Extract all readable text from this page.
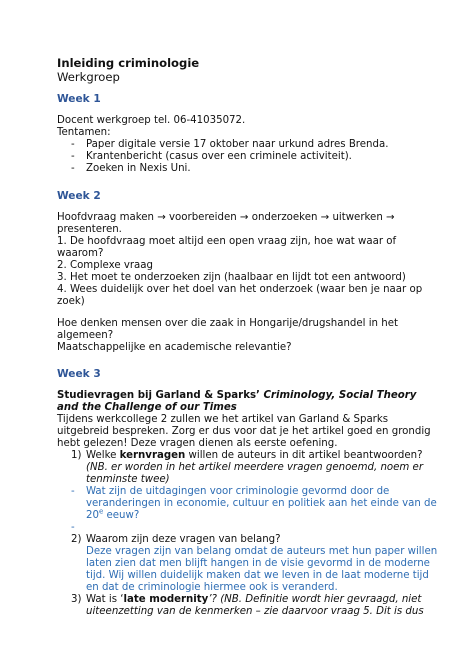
Inleiding criminologie
Werkgroep
Week 1
Docent werkgroep tel. 06-41035072.
Tentamen:
- Paper digitale versie 17 oktober naar urkund adres Brenda.
- Krantenbericht (casus over een criminele activiteit).
- Zoeken in Nexis Uni.
Week 2
Hoofdvraag maken → voorbereiden → onderzoeken → uitwerken →
presenteren.
1. De hoofdvraag moet altijd een open vraag zijn, hoe wat waar of
waarom?
2. Complexe vraag
3. Het moet te onderzoeken zijn (haalbaar en lijdt tot een antwoord)
4. Wees duidelijk over het doel van het onderzoek (waar ben je naar op
zoek)
Hoe denken mensen over die zaak in Hongarije/drugshandel in het
algemeen?
Maatschappelijke en academische relevantie?
Week 3
Studievragen bij Garland & Sparks’ Criminology, Social Theory
and the Challenge of our Times
Tijdens werkcollege 2 zullen we het artikel van Garland & Sparks
uitgebreid bespreken. Zorg er dus voor dat je het artikel goed en grondig
hebt gelezen! Deze vragen dienen als eerste oefening.
1) Welke kernvragen willen de auteurs in dit artikel beantwoorden?
(NB. er worden in het artikel meerdere vragen genoemd, noem er
tenminste twee)
- Wat zijn de uitdagingen voor criminologie gevormd door de
veranderingen in economie, cultuur en politiek aan het einde van de
20e eeuw?
-
2) Waarom zijn deze vragen van belang?
Deze vragen zijn van belang omdat de auteurs met hun paper willen
laten zien dat men blijft hangen in de visie gevormd in de moderne
tijd. Wij willen duidelijk maken dat we leven in de laat moderne tijd
en dat de criminologie hiermee ook is veranderd.
3) Wat is ‘late modernity’? (NB. Definitie wordt hier gevraagd, niet
uiteenzetting van de kenmerken – zie daarvoor vraag 5. Dit is dus
